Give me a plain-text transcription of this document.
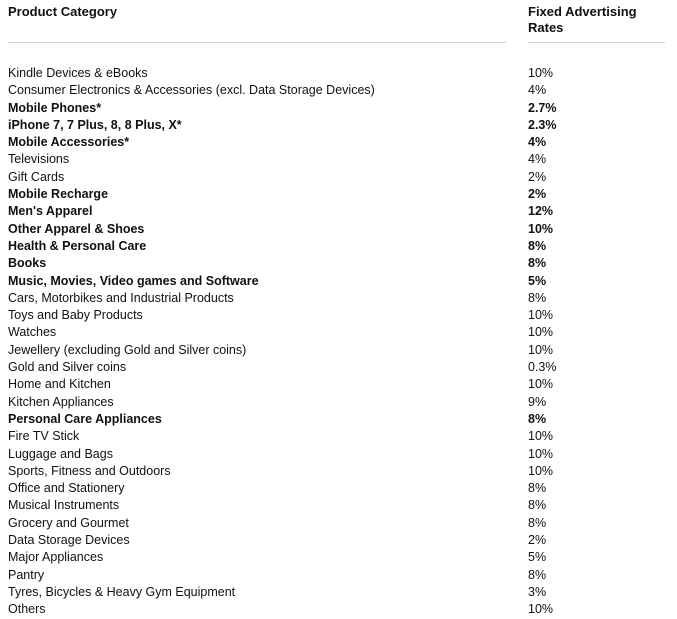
Product Category	Fixed Advertising Rates
Kindle Devices & eBooks	10%
Consumer Electronics & Accessories (excl. Data Storage Devices)	4%
Mobile Phones*	2.7%
iPhone 7, 7 Plus, 8, 8 Plus, X*	2.3%
Mobile Accessories*	4%
Televisions	4%
Gift Cards	2%
Mobile Recharge	2%
Men's Apparel	12%
Other Apparel & Shoes	10%
Health & Personal Care	8%
Books	8%
Music, Movies, Video games and Software	5%
Cars, Motorbikes and Industrial Products	8%
Toys and Baby Products	10%
Watches	10%
Jewellery (excluding Gold and Silver coins)	10%
Gold and Silver coins	0.3%
Home and Kitchen	10%
Kitchen Appliances	9%
Personal Care Appliances	8%
Fire TV Stick	10%
Luggage and Bags	10%
Sports, Fitness and Outdoors	10%
Office and Stationery	8%
Musical Instruments	8%
Grocery and Gourmet	8%
Data Storage Devices	2%
Major Appliances	5%
Pantry	8%
Tyres, Bicycles & Heavy Gym Equipment	3%
Others	10%
